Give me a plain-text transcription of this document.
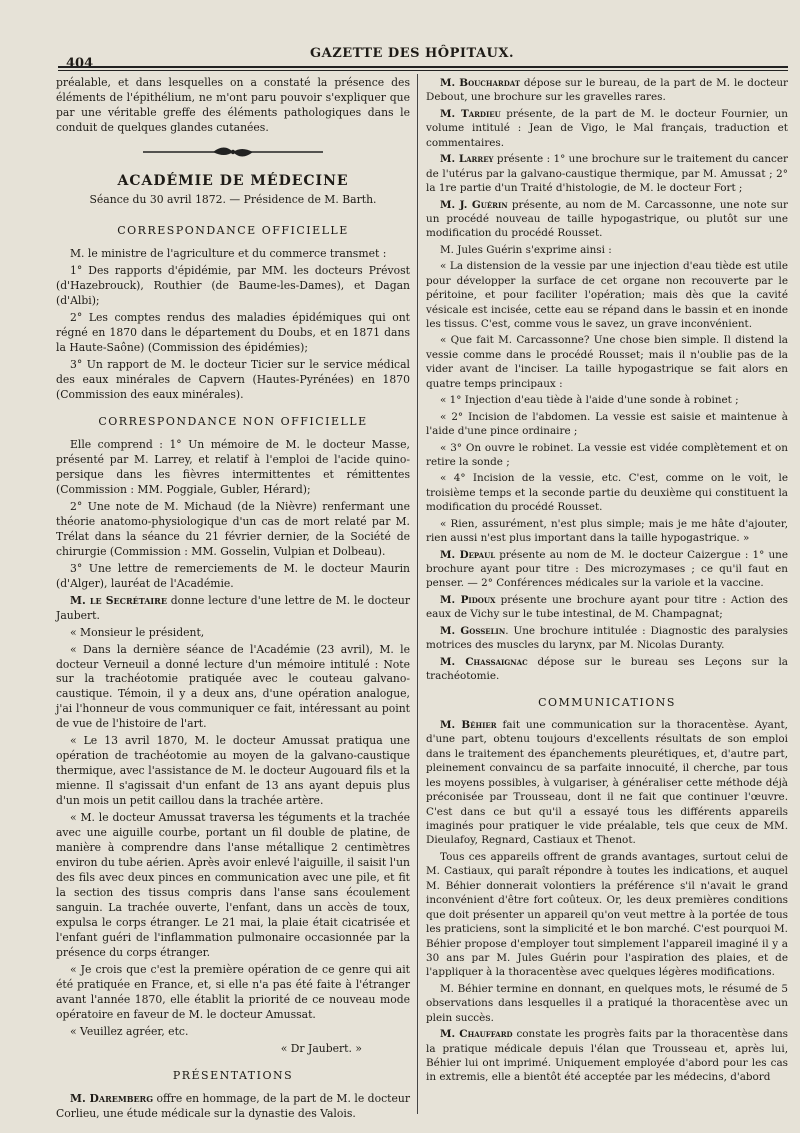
404
GAZETTE DES HÔPITAUX.

préalable, et dans lesquelles on a constaté la présence des éléments de l'épithélium, ne m'ont paru pouvoir s'expliquer que par une véritable greffe des éléments pathologiques dans le conduit de quelques glandes cutanées.

ACADÉMIE DE MÉDECINE
Séance du 30 avril 1872. — Présidence de M. Barth.
CORRESPONDANCE OFFICIELLE

M. le ministre de l'agriculture et du commerce transmet :

1° Des rapports d'épidémie, par MM. les docteurs Prévost (d'Hazebrouck), Routhier (de Baume-les-Dames), et Dagan (d'Albi);

2° Les comptes rendus des maladies épidémiques qui ont régné en 1870 dans le département du Doubs, et en 1871 dans la Haute-Saône) (Commission des épidémies);

3° Un rapport de M. le docteur Ticier sur le service médical des eaux minérales de Capvern (Hautes-Pyrénées) en 1870 (Commission des eaux minérales).

CORRESPONDANCE NON OFFICIELLE

Elle comprend : 1° Un mémoire de M. le docteur Masse, présenté par M. Larrey, et relatif à l'emploi de l'acide quino-persique dans les fièvres intermittentes et rémittentes (Commission : MM. Poggiale, Gubler, Hérard);

2° Une note de M. Michaud (de la Nièvre) renfermant une théorie anatomo-physiologique d'un cas de mort relaté par M. Trélat dans la séance du 21 février dernier, de la Société de chirurgie (Commission : MM. Gosselin, Vulpian et Dolbeau).

3° Une lettre de remerciements de M. le docteur Maurin (d'Alger), lauréat de l'Académie.

M. le Secrétaire donne lecture d'une lettre de M. le docteur Jaubert.

« Monsieur le président,

« Dans la dernière séance de l'Académie (23 avril), M. le docteur Verneuil a donné lecture d'un mémoire intitulé : Note sur la trachéotomie pratiquée avec le couteau galvano-caustique. Témoin, il y a deux ans, d'une opération analogue, j'ai l'honneur de vous communiquer ce fait, intéressant au point de vue de l'histoire de l'art.

« Le 13 avril 1870, M. le docteur Amussat pratiqua une opération de trachéotomie au moyen de la galvano-caustique thermique, avec l'assistance de M. le docteur Augouard fils et la mienne. Il s'agissait d'un enfant de 13 ans ayant depuis plus d'un mois un petit caillou dans la trachée artère.

« M. le docteur Amussat traversa les téguments et la trachée avec une aiguille courbe, portant un fil double de platine, de manière à comprendre dans l'anse métallique 2 centimètres environ du tube aérien. Après avoir enlevé l'aiguille, il saisit l'un des fils avec deux pinces en communication avec une pile, et fit la section des tissus compris dans l'anse sans écoulement sanguin. La trachée ouverte, l'enfant, dans un accès de toux, expulsa le corps étranger. Le 21 mai, la plaie était cicatrisée et l'enfant guéri de l'inflammation pulmonaire occasionnée par la présence du corps étranger.

« Je crois que c'est la première opération de ce genre qui ait été pratiquée en France, et, si elle n'a pas été faite à l'étranger avant l'année 1870, elle établit la priorité de ce nouveau mode opératoire en faveur de M. le docteur Amussat.

« Veuillez agréer, etc.

« Dr Jaubert. »

PRÉSENTATIONS

M. Daremberg offre en hommage, de la part de M. le docteur Corlieu, une étude médicale sur la dynastie des Valois.

M. Bouchardat dépose sur le bureau, de la part de M. le docteur Debout, une brochure sur les gravelles rares.

M. Tardieu présente, de la part de M. le docteur Fournier, un volume intitulé : Jean de Vigo, le Mal français, traduction et commentaires.

M. Larrey présente : 1° une brochure sur le traitement du cancer de l'utérus par la galvano-caustique thermique, par M. Amussat ; 2° la 1re partie d'un Traité d'histologie, de M. le docteur Fort ;

M. J. Guérin présente, au nom de M. Carcassonne, une note sur un procédé nouveau de taille hypogastrique, ou plutôt sur une modification du procédé Rousset.

M. Jules Guérin s'exprime ainsi :

« La distension de la vessie par une injection d'eau tiède est utile pour développer la surface de cet organe non recouverte par le péritoine, et pour faciliter l'opération; mais dès que la cavité vésicale est incisée, cette eau se répand dans le bassin et en inonde les tissus. C'est, comme vous le savez, un grave inconvénient.

« Que fait M. Carcassonne? Une chose bien simple. Il distend la vessie comme dans le procédé Rousset; mais il n'oublie pas de la vider avant de l'inciser. La taille hypogastrique se fait alors en quatre temps principaux :

« 1° Injection d'eau tiède à l'aide d'une sonde à robinet ;

« 2° Incision de l'abdomen. La vessie est saisie et maintenue à l'aide d'une pince ordinaire ;

« 3° On ouvre le robinet. La vessie est vidée complètement et on retire la sonde ;

« 4° Incision de la vessie, etc. C'est, comme on le voit, le troisième temps et la seconde partie du deuxième qui constituent la modification du procédé Rousset.

« Rien, assurément, n'est plus simple; mais je me hâte d'ajouter, rien aussi n'est plus important dans la taille hypogastrique. »

M. Depaul présente au nom de M. le docteur Caizergue : 1° une brochure ayant pour titre : Des microzymases ; ce qu'il faut en penser. — 2° Conférences médicales sur la variole et la vaccine.

M. Pidoux présente une brochure ayant pour titre : Action des eaux de Vichy sur le tube intestinal, de M. Champagnat;

M. Gosselin. Une brochure intitulée : Diagnostic des paralysies motrices des muscles du larynx, par M. Nicolas Duranty.

M. Chassaignac dépose sur le bureau ses Leçons sur la trachéotomie.

COMMUNICATIONS

M. Béhier fait une communication sur la thoracentèse. Ayant, d'une part, obtenu toujours d'excellents résultats de son emploi dans le traitement des épanchements pleurétiques, et, d'autre part, pleinement convaincu de sa parfaite innocuité, il cherche, par tous les moyens possibles, à vulgariser, à généraliser cette méthode déjà préconisée par Trousseau, dont il ne fait que continuer l'œuvre. C'est dans ce but qu'il a essayé tous les différents appareils imaginés pour pratiquer le vide préalable, tels que ceux de MM. Dieulafoy, Regnard, Castiaux et Thenot.

Tous ces appareils offrent de grands avantages, surtout celui de M. Castiaux, qui paraît répondre à toutes les indications, et auquel M. Béhier donnerait volontiers la préférence s'il n'avait le grand inconvénient d'être fort coûteux. Or, les deux premières conditions que doit présenter un appareil qu'on veut mettre à la portée de tous les praticiens, sont la simplicité et le bon marché. C'est pourquoi M. Béhier propose d'employer tout simplement l'appareil imaginé il y a 30 ans par M. Jules Guérin pour l'aspiration des plaies, et de l'appliquer à la thoracentèse avec quelques légères modifications.

M. Béhier termine en donnant, en quelques mots, le résumé de 5 observations dans lesquelles il a pratiqué la thoracentèse avec un plein succès.

M. Chauffard constate les progrès faits par la thoracentèse dans la pratique médicale depuis l'élan que Trousseau et, après lui, Béhier lui ont imprimé. Uniquement employée d'abord pour les cas in extremis, elle a bientôt été acceptée par les médecins, d'abord
